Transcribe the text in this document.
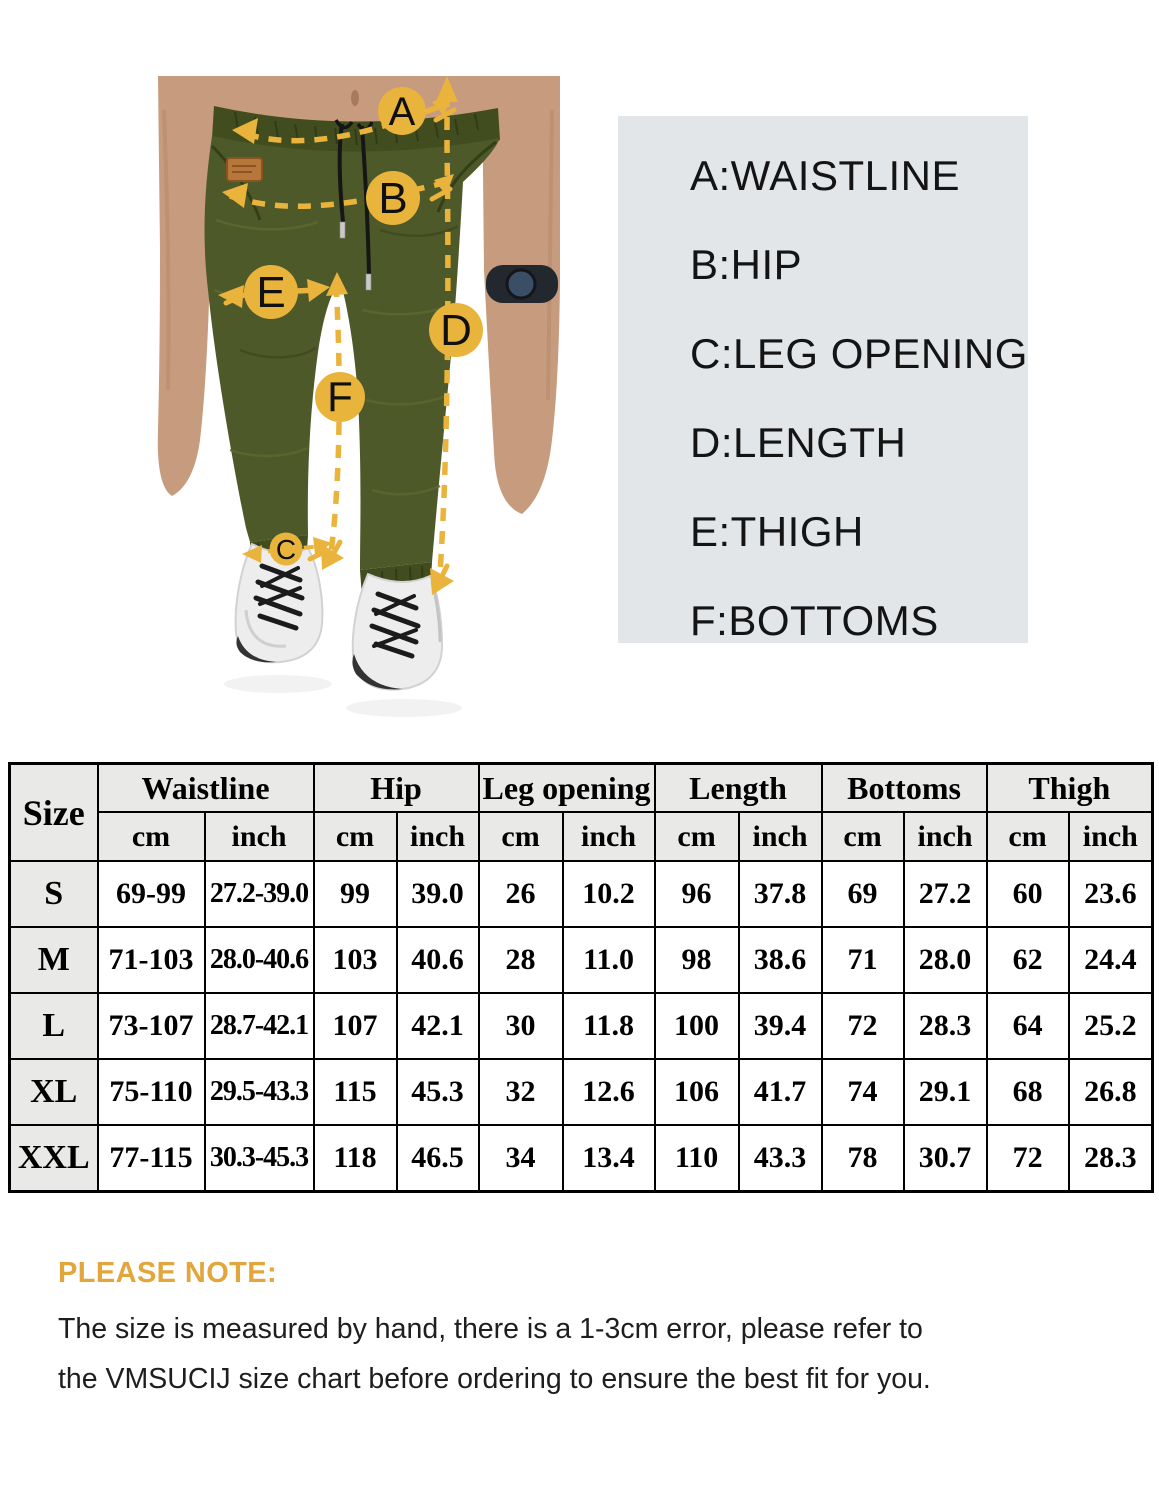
A
B
D
E
F
C
A:WAISTLINE
B:HIP
C:LEG OPENING
D:LENGTH
E:THIGH
F:BOTTOMS
Size	Waistline		Hip		Leg opening		Length		Bottoms		Thigh	
	cm	inch	cm	inch	cm	inch	cm	inch	cm	inch	cm	inch
S	69-99	27.2-39.0	99	39.0	26	10.2	96	37.8	69	27.2	60	23.6
M	71-103	28.0-40.6	103	40.6	28	11.0	98	38.6	71	28.0	62	24.4
L	73-107	28.7-42.1	107	42.1	30	11.8	100	39.4	72	28.3	64	25.2
XL	75-110	29.5-43.3	115	45.3	32	12.6	106	41.7	74	29.1	68	26.8
XXL	77-115	30.3-45.3	118	46.5	34	13.4	110	43.3	78	30.7	72	28.3

PLEASE NOTE:

The size is measured by hand, there is a 1-3cm error, please refer to
the VMSUCIJ size chart before ordering to ensure the best fit for you.
